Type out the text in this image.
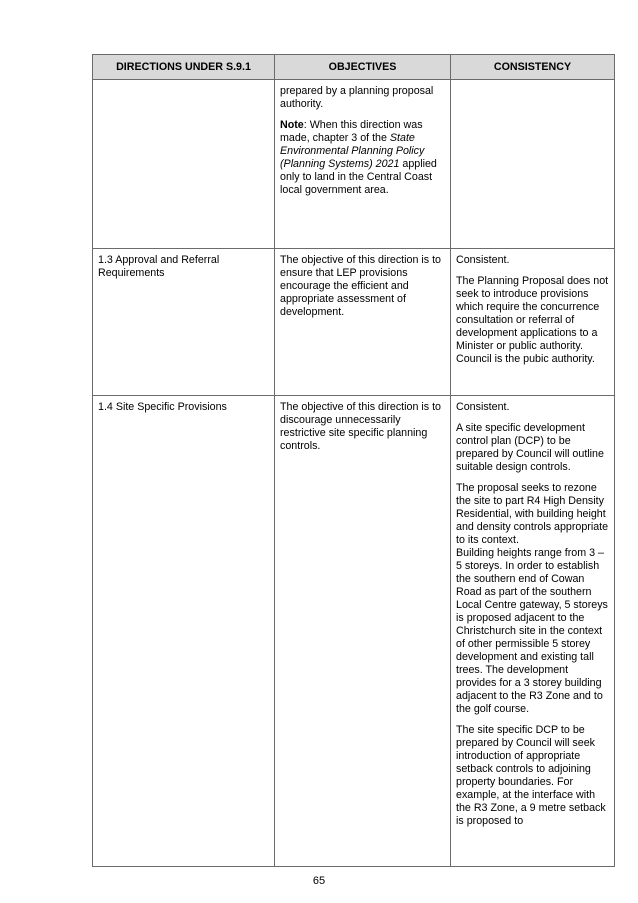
DIRECTIONS UNDER S.9.1	OBJECTIVES	CONSISTENCY

	prepared by a planning proposal authority.

Note: When this direction was made, chapter 3 of the State Environmental Planning Policy (Planning Systems) 2021 applied only to land in the Central Coast local government area.	

1.3 Approval and Referral Requirements	The objective of this direction is to ensure that LEP provisions encourage the efficient and appropriate assessment of development.	Consistent.

The Planning Proposal does not seek to introduce provisions which require the concurrence consultation or referral of development applications to a Minister or public authority. Council is the pubic authority.

1.4 Site Specific Provisions	The objective of this direction is to discourage unnecessarily restrictive site specific planning controls.	Consistent.

A site specific development control plan (DCP) to be prepared by Council will outline suitable design controls.

The proposal seeks to rezone the site to part R4 High Density Residential, with building height and density controls appropriate to its context.

Building heights range from 3 – 5 storeys. In order to establish the southern end of Cowan Road as part of the southern Local Centre gateway, 5 storeys is proposed adjacent to the Christchurch site in the context of other permissible 5 storey development and existing tall trees. The development provides for a 3 storey building adjacent to the R3 Zone and to the golf course.

The site specific DCP to be prepared by Council will seek introduction of appropriate setback controls to adjoining property boundaries. For example, at the interface with the R3 Zone, a 9 metre setback is proposed to

65
